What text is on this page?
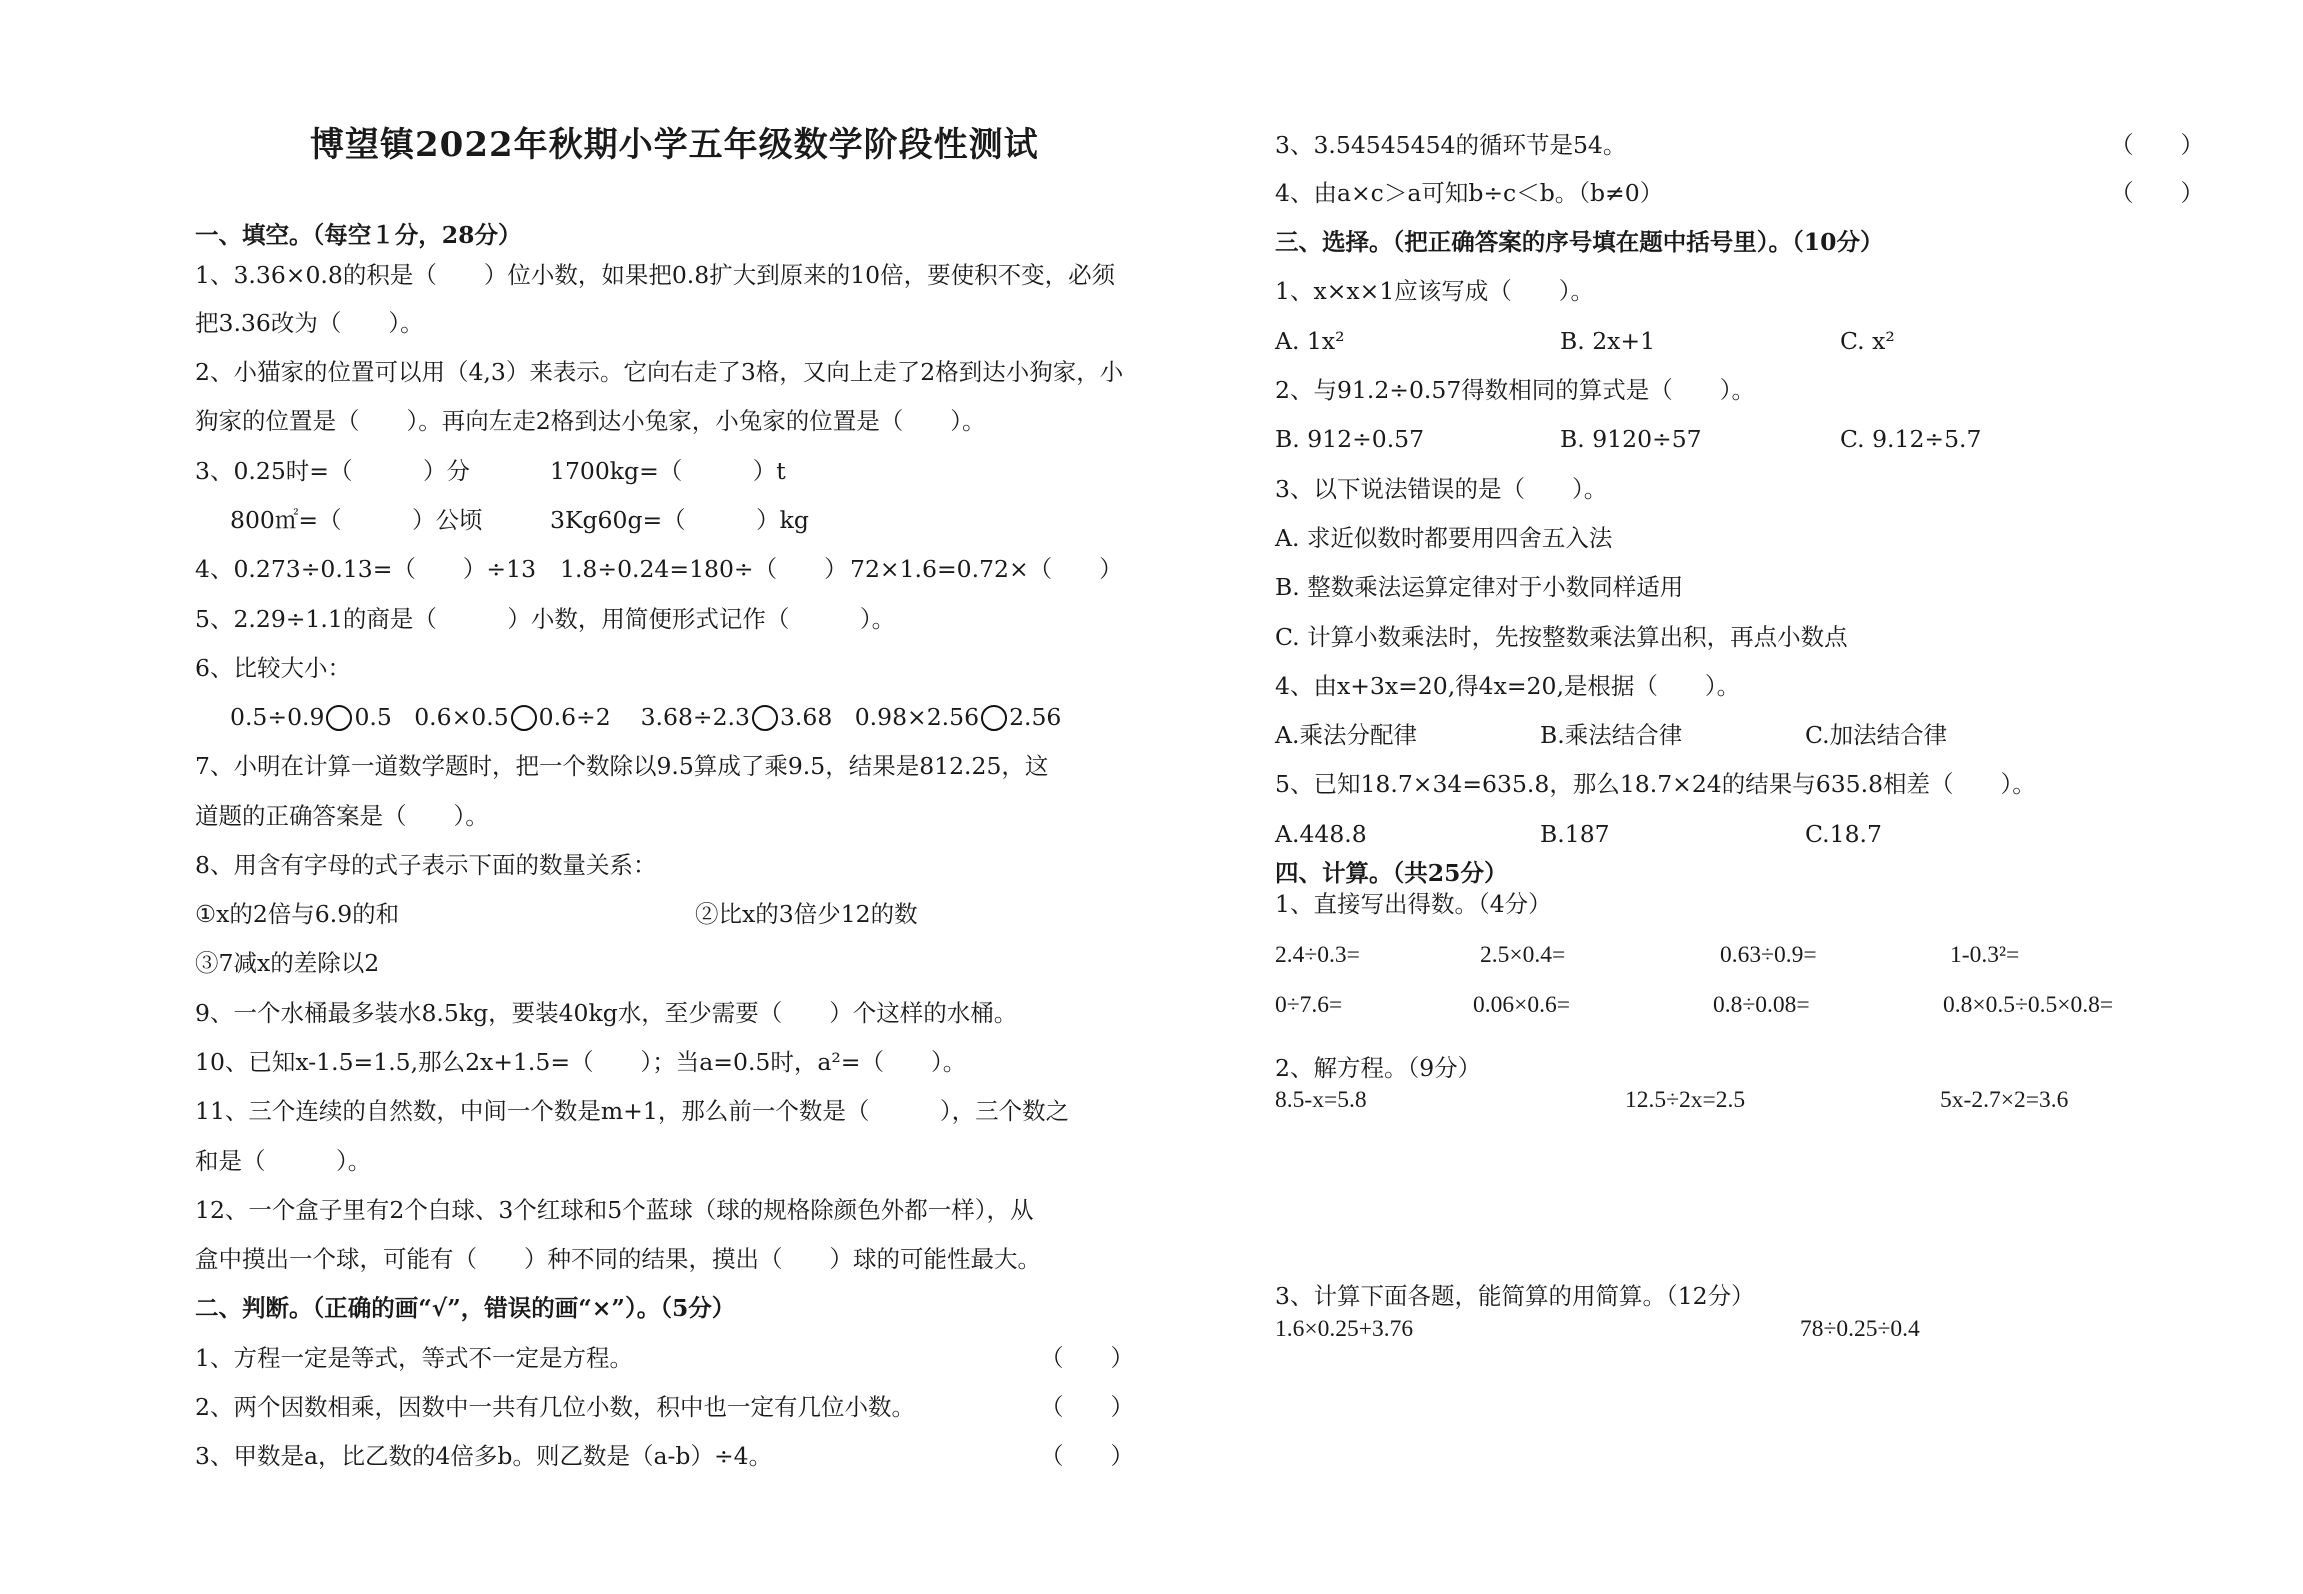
博望镇2022年秋期小学五年级数学阶段性测试
一、填空。（每空１分，28分）
1、3.36×0.8的积是（　　）位小数，如果把0.8扩大到原来的10倍，要使积不变，必须
把3.36改为（　　）。
2、小猫家的位置可以用（4,3）来表示。它向右走了3格，又向上走了2格到达小狗家，小
狗家的位置是（　　）。再向左走2格到达小兔家，小兔家的位置是（　　）。
3、0.25时=（　　　）分	1700kg=（　　　）t
800㎡=（　　　）公顷	3Kg60g=（　　　）kg
4、0.273÷0.13=（　　）÷13 1.8÷0.24=180÷（　　） 72×1.6=0.72×（　　）
5、2.29÷1.1的商是（　　　）小数，用简便形式记作（　　　）。
6、比较大小：
0.5÷0.9 0.5 0.6×0.5 0.6÷2 3.68÷2.3 3.68 0.98×2.56 2.56
7、小明在计算一道数学题时，把一个数除以9.5算成了乘9.5，结果是812.25，这
道题的正确答案是（　　）。
8、用含有字母的式子表示下面的数量关系：
①x的2倍与6.9的和	②比x的3倍少12的数
③7减x的差除以2
9、一个水桶最多装水8.5kg，要装40kg水，至少需要（　　）个这样的水桶。
10、已知x-1.5=1.5,那么2x+1.5=（　　）；当a=0.5时，a²=（　　）。
11、三个连续的自然数，中间一个数是m+1，那么前一个数是（　　　），三个数之
和是（　　　）。
12、一个盒子里有2个白球、3个红球和5个蓝球（球的规格除颜色外都一样），从
盒中摸出一个球，可能有（　　）种不同的结果，摸出（　　）球的可能性最大。
二、判断。（正确的画“√”，错误的画“×”）。（5分）
1、方程一定是等式，等式不一定是方程。	（　　）
2、两个因数相乘，因数中一共有几位小数，积中也一定有几位小数。	（　　）
3、甲数是a，比乙数的4倍多b。则乙数是（a-b）÷4。	（　　）
3、3.54545454的循环节是54。	（　　）
4、由a×c＞a可知b÷c＜b。（b≠0）	（　　）
三、选择。（把正确答案的序号填在题中括号里）。（10分）
1、x×x×1应该写成（　　）。
A. 1x²	B. 2x+1	C. x²
2、与91.2÷0.57得数相同的算式是（　　）。
B. 912÷0.57	B. 9120÷57	C. 9.12÷5.7
3、以下说法错误的是（　　）。
A. 求近似数时都要用四舍五入法
B. 整数乘法运算定律对于小数同样适用
C. 计算小数乘法时，先按整数乘法算出积，再点小数点
4、由x+3x=20,得4x=20,是根据（　　）。
A.乘法分配律	B.乘法结合律	C.加法结合律
5、已知18.7×34=635.8，那么18.7×24的结果与635.8相差（　　）。
A.448.8	B.187	C.18.7
四、计算。（共25分）
1、直接写出得数。（4分）
2.4÷0.3=	2.5×0.4=	0.63÷0.9=	1-0.3²=
0÷7.6=	0.06×0.6=	0.8÷0.08=	0.8×0.5÷0.5×0.8=
2、解方程。（9分）
8.5-x=5.8	12.5÷2x=2.5	5x-2.7×2=3.6
3、计算下面各题，能简算的用简算。（12分）
1.6×0.25+3.76	78÷0.25÷0.4
